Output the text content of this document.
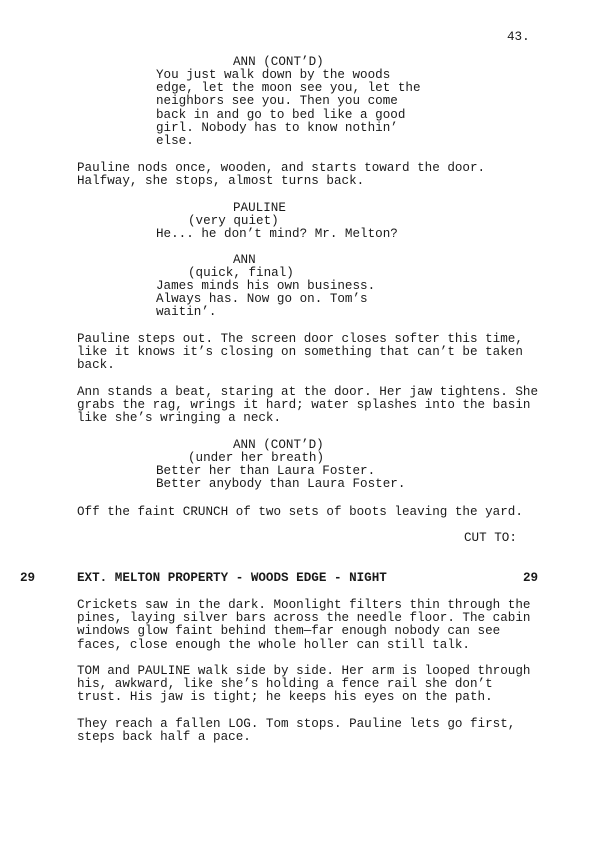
43.
ANN (CONT’D)
You just walk down by the woods
edge, let the moon see you, let the
neighbors see you. Then you come
back in and go to bed like a good
girl. Nobody has to know nothin’
else.
Pauline nods once, wooden, and starts toward the door.
Halfway, she stops, almost turns back.
PAULINE
(very quiet)
He... he don’t mind? Mr. Melton?
ANN
(quick, final)
James minds his own business.
Always has. Now go on. Tom’s
waitin’.
Pauline steps out. The screen door closes softer this time,
like it knows it’s closing on something that can’t be taken
back.
Ann stands a beat, staring at the door. Her jaw tightens. She
grabs the rag, wrings it hard; water splashes into the basin
like she’s wringing a neck.
ANN (CONT’D)
(under her breath)
Better her than Laura Foster.
Better anybody than Laura Foster.
Off the faint CRUNCH of two sets of boots leaving the yard.
CUT TO:
29	EXT. MELTON PROPERTY - WOODS EDGE - NIGHT	29
Crickets saw in the dark. Moonlight filters thin through the
pines, laying silver bars across the needle floor. The cabin
windows glow faint behind them—far enough nobody can see
faces, close enough the whole holler can still talk.
TOM and PAULINE walk side by side. Her arm is looped through
his, awkward, like she’s holding a fence rail she don’t
trust. His jaw is tight; he keeps his eyes on the path.
They reach a fallen LOG. Tom stops. Pauline lets go first,
steps back half a pace.
